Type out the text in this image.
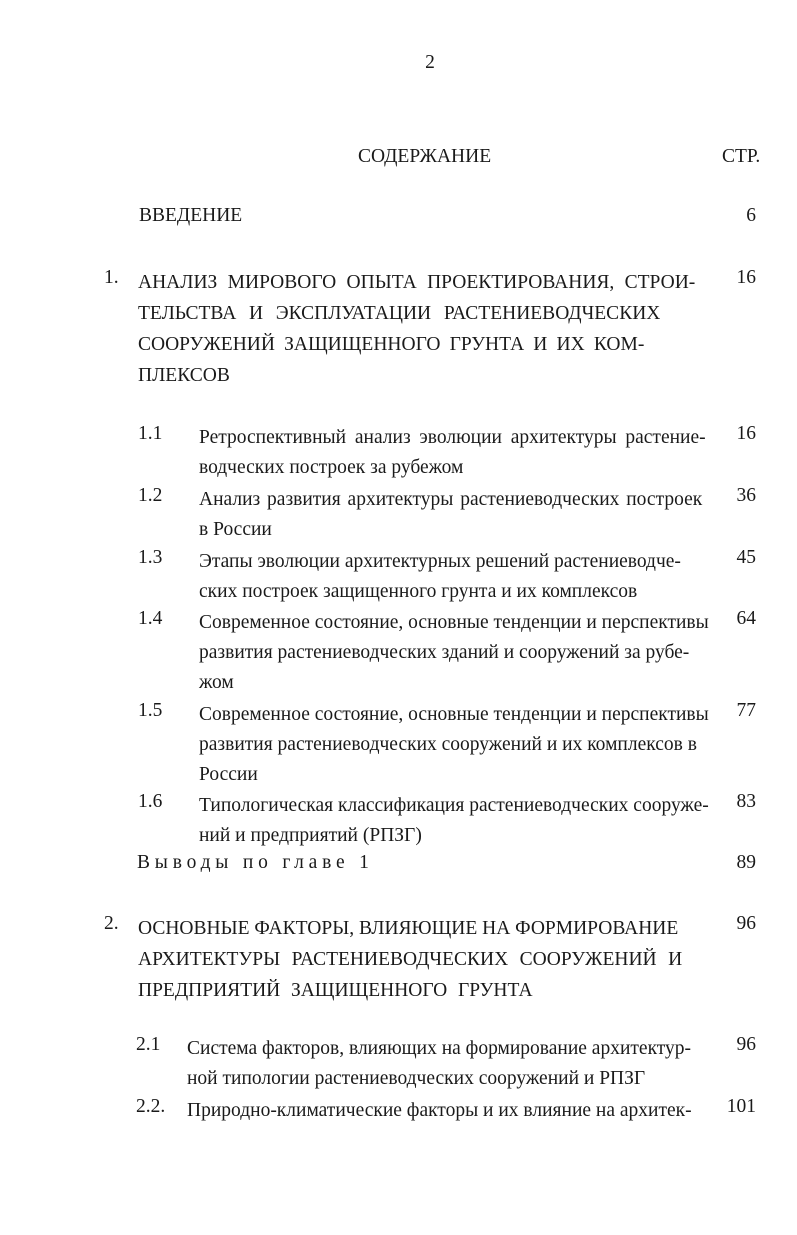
2
СОДЕРЖАНИЕ	СТР.
ВВЕДЕНИЕ	6
1. АНАЛИЗ МИРОВОГО ОПЫТА ПРОЕКТИРОВАНИЯ, СТРОИ-
ТЕЛЬСТВА И ЭКСПЛУАТАЦИИ РАСТЕНИЕВОДЧЕСКИХ
СООРУЖЕНИЙ ЗАЩИЩЕННОГО ГРУНТА И ИХ КОМ-
ПЛЕКСОВ
16
1.1 Ретроспективный анализ эволюции архитектуры растение-
водческих построек за рубежом
16
1.2 Анализ развития архитектуры растениеводческих построек
в России
36
1.3 Этапы эволюции архитектурных решений растениеводче-
ских построек защищенного грунта и их комплексов
45
1.4 Современное состояние, основные тенденции и перспективы
развития растениеводческих зданий и сооружений за рубе-
жом
64
1.5 Современное состояние, основные тенденции и перспективы
развития растениеводческих сооружений и их комплексов в
России
77
1.6 Типологическая классификация растениеводческих сооруже-
ний и предприятий (РПЗГ)
83
Выводы по главе 1	89
2. ОСНОВНЫЕ ФАКТОРЫ, ВЛИЯЮЩИЕ НА ФОРМИРОВАНИЕ
АРХИТЕКТУРЫ РАСТЕНИЕВОДЧЕСКИХ СООРУЖЕНИЙ И
ПРЕДПРИЯТИЙ ЗАЩИЩЕННОГО ГРУНТА
96
2.1 Система факторов, влияющих на формирование архитектур-
ной типологии растениеводческих сооружений и РПЗГ
96
2.2. Природно-климатические факторы и их влияние на архитек-	101
